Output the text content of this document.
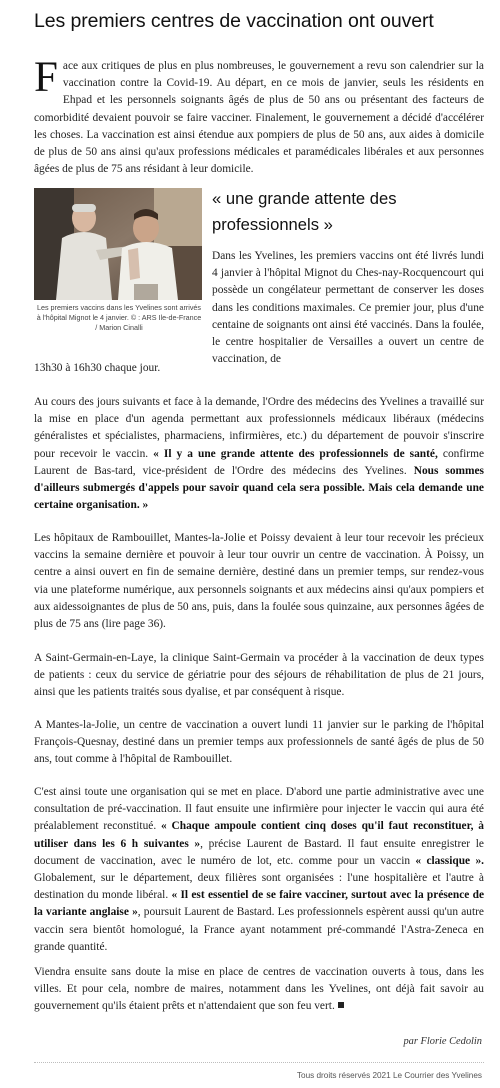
Les premiers centres de vaccination ont ouvert
Face aux critiques de plus en plus nombreuses, le gouvernement a revu son calendrier sur la vaccination contre la Covid-19. Au départ, en ce mois de janvier, seuls les résidents en Ehpad et les personnels soignants âgés de plus de 50 ans ou présentant des facteurs de comorbidité devaient pouvoir se faire vacciner. Finalement, le gouvernement a décidé d'accélérer les choses. La vaccination est ainsi étendue aux pompiers de plus de 50 ans, aux aides à domicile de plus de 50 ans ainsi qu'aux professions médicales et paramédicales libérales et aux personnes âgées de plus de 75 ans résidant à leur domicile.
Les premiers vaccins dans les Yvelines sont arrivés à l'hôpital Mignot le 4 janvier. © : ARS Ile-de-France / Marion Cinalli
« une grande attente des professionnels »
Dans les Yvelines, les premiers vaccins ont été livrés lundi 4 janvier à l'hôpital Mignot du Ches-nay-Rocquencourt qui possède un congélateur permettant de conserver les doses dans les conditions maximales. Ce premier jour, plus d'une centaine de soignants ont ainsi été vaccinés. Dans la foulée, le centre hospitalier de Versailles a ouvert un centre de vaccination, de
13h30 à 16h30 chaque jour.
Au cours des jours suivants et face à la demande, l'Ordre des médecins des Yvelines a travaillé sur la mise en place d'un agenda permettant aux professionnels médicaux libéraux (médecins généralistes et spécialistes, pharmaciens, infirmières, etc.) du département de pouvoir s'inscrire pour recevoir le vaccin. « Il y a une grande attente des professionnels de santé, confirme Laurent de Bas-tard, vice-président de l'Ordre des médecins des Yvelines. Nous sommes d'ailleurs submergés d'appels pour savoir quand cela sera possible. Mais cela demande une certaine organisation. »
Les hôpitaux de Rambouillet, Mantes-la-Jolie et Poissy devaient à leur tour recevoir les précieux vaccins la semaine dernière et pouvoir à leur tour ouvrir un centre de vaccination. À Poissy, un centre a ainsi ouvert en fin de semaine dernière, destiné dans un premier temps, sur rendez-vous via une plateforme numérique, aux personnels soignants et aux médecins ainsi qu'aux pompiers et aux aidessoignantes de plus de 50 ans, puis, dans la foulée sous quinzaine, aux personnes âgées de plus de 75 ans (lire page 36).
A Saint-Germain-en-Laye, la clinique Saint-Germain va procéder à la vaccination de deux types de patients : ceux du service de gériatrie pour des séjours de réhabilitation de plus de 21 jours, ainsi que les patients traités sous dyalise, et par conséquent à risque.
A Mantes-la-Jolie, un centre de vaccination a ouvert lundi 11 janvier sur le parking de l'hôpital François-Quesnay, destiné dans un premier temps aux professionnels de santé âgés de plus de 50 ans, tout comme à l'hôpital de Rambouillet.
C'est ainsi toute une organisation qui se met en place. D'abord une partie administrative avec une consultation de pré-vaccination. Il faut ensuite une infirmière pour injecter le vaccin qui aura été préalablement reconstitué. « Chaque ampoule contient cinq doses qu'il faut reconstituer, à utiliser dans les 6 h suivantes », précise Laurent de Bastard. Il faut ensuite enregistrer le document de vaccination, avec le numéro de lot, etc. comme pour un vaccin « classique ». Globalement, sur le département, deux filières sont organisées : l'une hospitalière et l'autre à destination du monde libéral. « Il est essentiel de se faire vacciner, surtout avec la présence de la variante anglaise », poursuit Laurent de Bastard. Les professionnels espèrent aussi qu'un autre vaccin sera bientôt homologué, la France ayant notamment pré-commandé l'Astra-Zeneca en grande quantité.
Viendra ensuite sans doute la mise en place de centres de vaccination ouverts à tous, dans les villes. Et pour cela, nombre de maires, notamment dans les Yvelines, ont déjà fait savoir au gouvernement qu'ils étaient prêts et n'attendaient que son feu vert.
par Florie Cedolin
Tous droits réservés 2021 Le Courrier des Yvelines
